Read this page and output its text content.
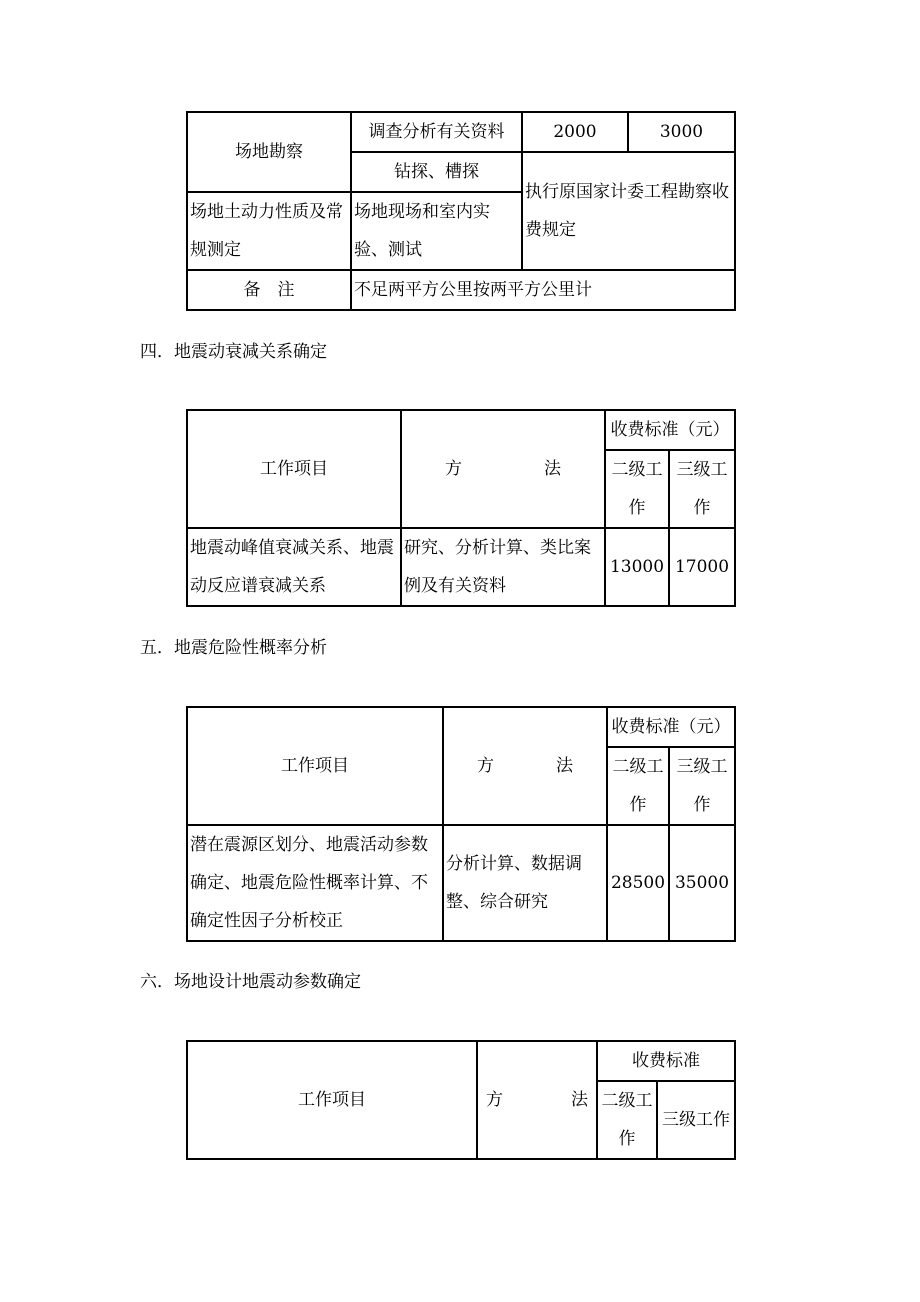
场地勘察	调查分析有关资料	2000	3000
	钻探、槽探	执行原国家计委工程勘察收费规定	
场地土动力性质及常规测定	场地现场和室内实验、测试		
备　注	不足两平方公里按两平方公里计		
四．地震动衰减关系确定
工作项目	方 法	收费标准（元）	
		二级工作	三级工作
地震动峰值衰减关系、地震动反应谱衰减关系	研究、分析计算、类比案例及有关资料	13000	17000
五．地震危险性概率分析
工作项目	方 法	收费标准（元）	
		二级工作	三级工作
潜在震源区划分、地震活动参数确定、地震危险性概率计算、不确定性因子分析校正	分析计算、数据调整、综合研究	28500	35000
六．场地设计地震动参数确定
工作项目	方 法	收费标准	
		二级工作	三级工作
